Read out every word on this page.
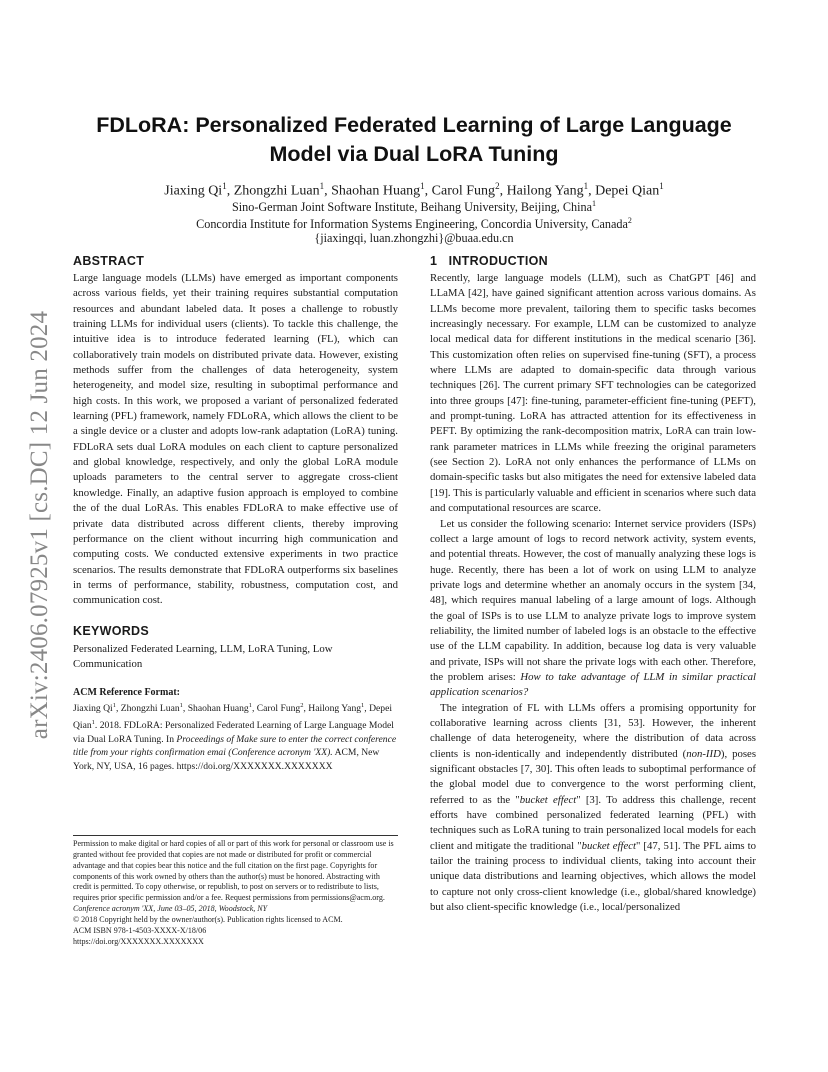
arXiv:2406.07925v1 [cs.DC] 12 Jun 2024
FDLoRA: Personalized Federated Learning of Large Language Model via Dual LoRA Tuning
Jiaxing Qi$^1$, Zhongzhi Luan$^1$, Shaohan Huang$^1$, Carol Fung$^2$, Hailong Yang$^1$, Depei Qian$^1$
Sino-German Joint Software Institute, Beihang University, Beijing, China$^1$
Concordia Institute for Information Systems Engineering, Concordia University, Canada$^2$
{jiaxingqi, luan.zhongzhi}@buaa.edu.cn
ABSTRACT

Large language models (LLMs) have emerged as important components across various fields, yet their training requires substantial computation resources and abundant labeled data. It poses a challenge to robustly training LLMs for individual users (clients). To tackle this challenge, the intuitive idea is to introduce federated learning (FL), which can collaboratively train models on distributed private data. However, existing methods suffer from the challenges of data heterogeneity, system heterogeneity, and model size, resulting in suboptimal performance and high costs. In this work, we proposed a variant of personalized federated learning (PFL) framework, namely FDLoRA, which allows the client to be a single device or a cluster and adopts low-rank adaptation (LoRA) tuning. FDLoRA sets dual LoRA modules on each client to capture personalized and global knowledge, respectively, and only the global LoRA module uploads parameters to the central server to aggregate cross-client knowledge. Finally, an adaptive fusion approach is employed to combine the of the dual LoRAs. This enables FDLoRA to make effective use of private data distributed across different clients, thereby improving performance on the client without incurring high communication and computing costs. We conducted extensive experiments in two practice scenarios. The results demonstrate that FDLoRA outperforms six baselines in terms of performance, stability, robustness, computation cost, and communication cost.

KEYWORDS

Personalized Federated Learning, LLM, LoRA Tuning, Low Communication

ACM Reference Format:

Jiaxing Qi$^1$, Zhongzhi Luan$^1$, Shaohan Huang$^1$, Carol Fung$^2$, Hailong Yang$^1$, Depei Qian$^1$. 2018. FDLoRA: Personalized Federated Learning of Large Language Model via Dual LoRA Tuning. In Proceedings of Make sure to enter the correct conference title from your rights confirmation emai (Conference acronym 'XX). ACM, New York, NY, USA, 16 pages. https://doi.org/XXXXXXX.XXXXXXX

Permission to make digital or hard copies of all or part of this work for personal or classroom use is granted without fee provided that copies are not made or distributed for profit or commercial advantage and that copies bear this notice and the full citation on the first page. Copyrights for components of this work owned by others than the author(s) must be honored. Abstracting with credit is permitted. To copy otherwise, or republish, to post on servers or to redistribute to lists, requires prior specific permission and/or a fee. Request permissions from permissions@acm.org.

Conference acronym 'XX, June 03–05, 2018, Woodstock, NY

© 2018 Copyright held by the owner/author(s). Publication rights licensed to ACM.

ACM ISBN 978-1-4503-XXXX-X/18/06

https://doi.org/XXXXXXX.XXXXXXX

1   INTRODUCTION

Recently, large language models (LLM), such as ChatGPT [46] and LLaMA [42], have gained significant attention across various domains. As LLMs become more prevalent, tailoring them to specific tasks becomes increasingly necessary. For example, LLM can be customized to analyze local medical data for different institutions in the medical scenario [36]. This customization often relies on supervised fine-tuning (SFT), a process where LLMs are adapted to domain-specific data through various techniques [26]. The current primary SFT technologies can be categorized into three groups [47]: fine-tuning, parameter-efficient fine-tuning (PEFT), and prompt-tuning. LoRA has attracted attention for its effectiveness in PEFT. By optimizing the rank-decomposition matrix, LoRA can train low-rank parameter matrices in LLMs while freezing the original parameters (see Section 2). LoRA not only enhances the performance of LLMs on domain-specific tasks but also mitigates the need for extensive labeled data [19]. This is particularly valuable and efficient in scenarios where such data and computational resources are scarce.

Let us consider the following scenario: Internet service providers (ISPs) collect a large amount of logs to record network activity, system events, and potential threats. However, the cost of manually analyzing these logs is huge. Recently, there has been a lot of work on using LLM to analyze private logs and determine whether an anomaly occurs in the system [34, 48], which requires manual labeling of a large amount of logs. Although the goal of ISPs is to use LLM to analyze private logs to improve system reliability, the limited number of labeled logs is an obstacle to the effective use of the LLM capability. In addition, because log data is very valuable and private, ISPs will not share the private logs with each other. Therefore, the problem arises: How to take advantage of LLM in similar practical application scenarios?

The integration of FL with LLMs offers a promising opportunity for collaborative learning across clients [31, 53]. However, the inherent challenge of data heterogeneity, where the distribution of data across clients is non-identically and independently distributed (non-IID), poses significant obstacles [7, 30]. This often leads to suboptimal performance of the global model due to convergence to the worst performing client, referred to as the "bucket effect" [3]. To address this challenge, recent efforts have combined personalized federated learning (PFL) with techniques such as LoRA tuning to train personalized local models for each client and mitigate the traditional "bucket effect" [47, 51]. The PFL aims to tailor the training process to individual clients, taking into account their unique data distributions and learning objectives, which allows the model to capture not only cross-client knowledge (i.e., global/shared knowledge) but also client-specific knowledge (i.e., local/personalized
